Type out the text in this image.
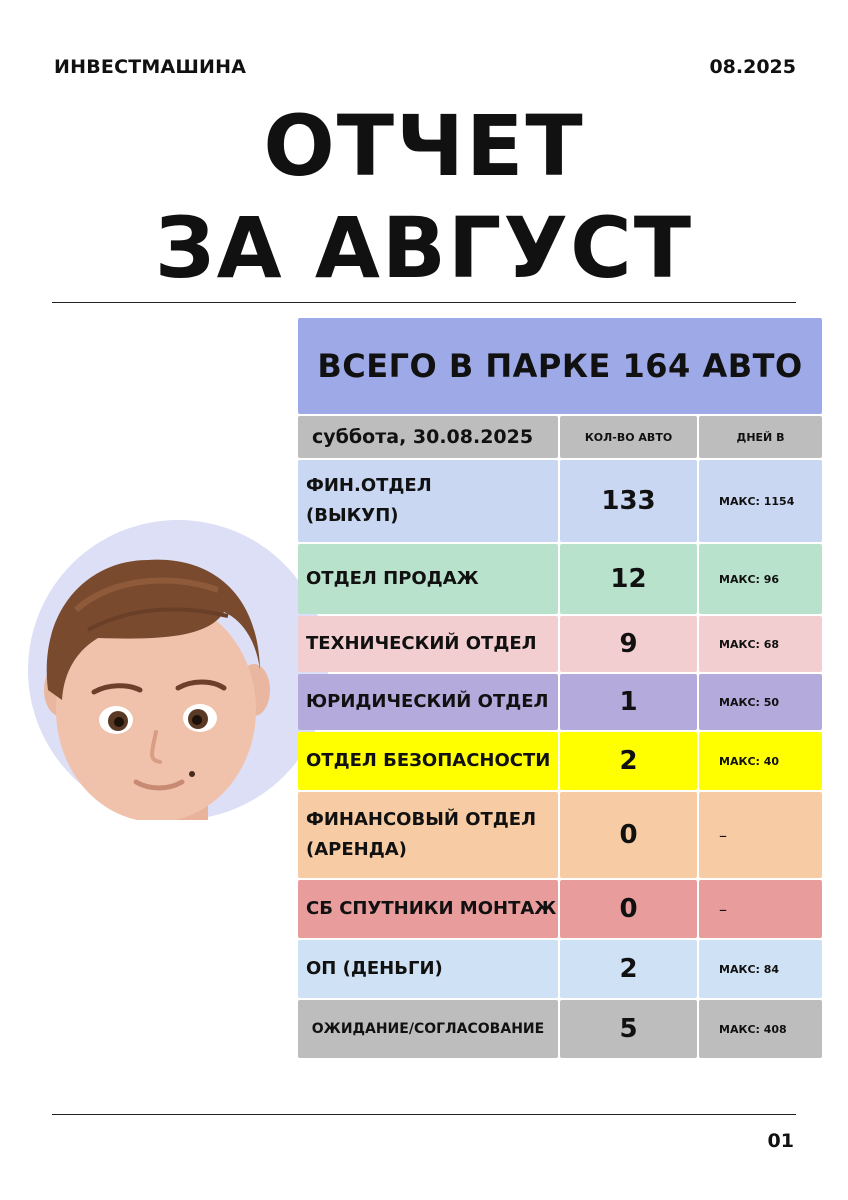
ИНВЕСТМАШИНА	08.2025
ОТЧЕТ
ЗА АВГУСТ
ВСЕГО В ПАРКЕ 164 АВТО
суббота, 30.08.2025	КОЛ-ВО АВТО	ДНЕЙ В
ФИН.ОТДЕЛ
(ВЫКУП)	133	МАКС: 1154
ОТДЕЛ ПРОДАЖ	12	МАКС: 96
ТЕХНИЧЕСКИЙ ОТДЕЛ	9	МАКС: 68
ЮРИДИЧЕСКИЙ ОТДЕЛ	1	МАКС: 50
ОТДЕЛ БЕЗОПАСНОСТИ	2	МАКС: 40
ФИНАНСОВЫЙ ОТДЕЛ
(АРЕНДА)	0	–
СБ СПУТНИКИ МОНТАЖ	0	–
ОП (ДЕНЬГИ)	2	МАКС: 84
ОЖИДАНИЕ/СОГЛАСОВАНИЕ	5	МАКС: 408
01
